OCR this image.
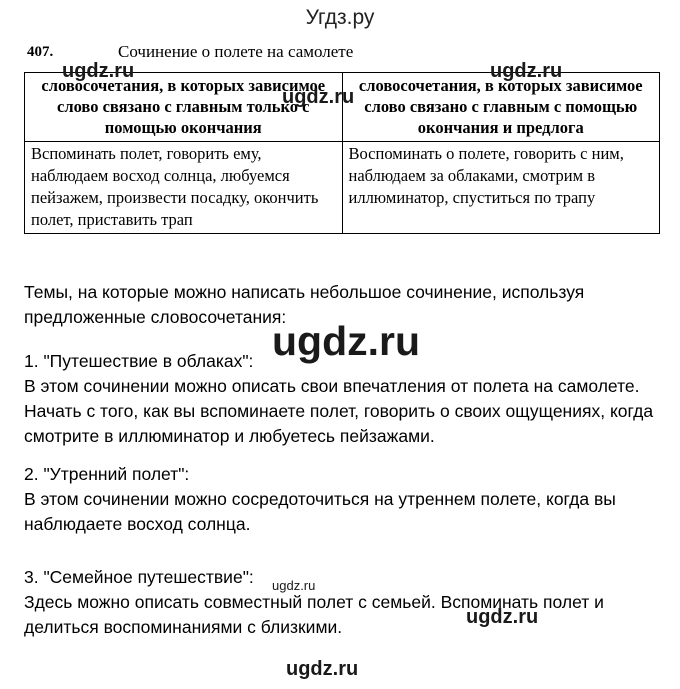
Угдз.ру
407.	Сочинение о полете на самолете
словосочетания, в которых зависимое слово связано с главным только с помощью окончания	словосочетания, в которых зависимое слово связано с главным с помощью окончания и предлога
Вспоминать полет, говорить ему, наблюдаем восход солнца, любуемся пейзажем, произвести посадку, окончить полет, приставить трап	Воспоминать о полете, говорить с ним, наблюдаем за облаками, смотрим в иллюминатор, спуститься по трапу
Темы, на которые можно написать небольшое сочинение, используя предложенные словосочетания:
1. "Путешествие в облаках":
В этом сочинении можно описать свои впечатления от полета на самолете. Начать с того, как вы вспоминаете полет, говорить о своих ощущениях, когда смотрите в иллюминатор и любуетесь пейзажами.
2. "Утренний полет":
В этом сочинении можно сосредоточиться на утреннем полете, когда вы наблюдаете восход солнца.
3. "Семейное путешествие":
Здесь можно описать совместный полет с семьей. Вспоминать полет и делиться воспоминаниями с близкими.
ugdz.ru
ugdz.ru
ugdz.ru
ugdz.ru
ugdz.ru
ugdz.ru
ugdz.ru
